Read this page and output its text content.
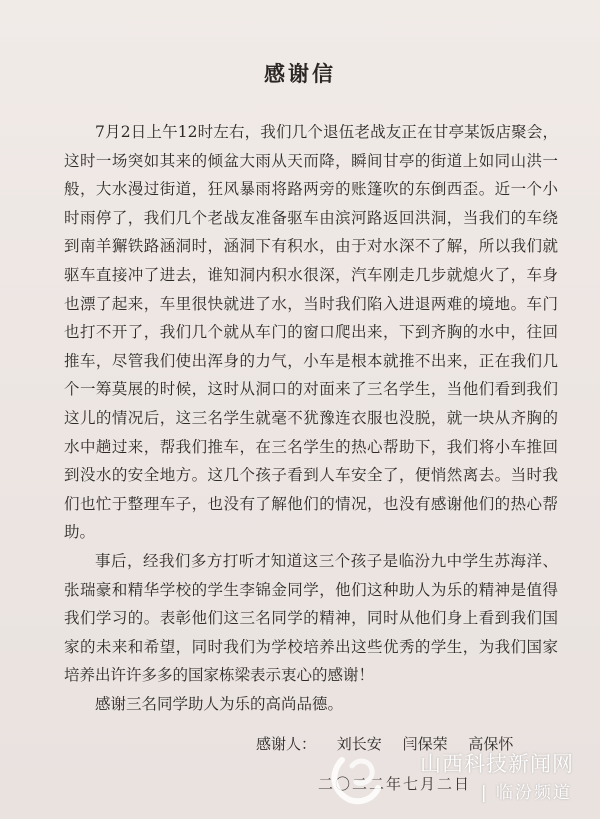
感谢信

7月2日上午12时左右，我们几个退伍老战友正在甘亭某饭店聚会，这时一场突如其来的倾盆大雨从天而降，瞬间甘亭的街道上如同山洪一般，大水漫过街道，狂风暴雨将路两旁的账篷吹的东倒西歪。近一个小时雨停了，我们几个老战友准备驱车由滨河路返回洪洞，当我们的车绕到南羊獬铁路涵洞时，涵洞下有积水，由于对水深不了解，所以我们就驱车直接冲了进去，谁知洞内积水很深，汽车刚走几步就熄火了，车身也漂了起来，车里很快就进了水，当时我们陷入进退两难的境地。车门也打不开了，我们几个就从车门的窗口爬出来，下到齐胸的水中，往回推车，尽管我们使出浑身的力气，小车是根本就推不出来，正在我们几个一筹莫展的时候，这时从洞口的对面来了三名学生，当他们看到我们这儿的情况后，这三名学生就毫不犹豫连衣服也没脱，就一块从齐胸的水中趟过来，帮我们推车，在三名学生的热心帮助下，我们将小车推回到没水的安全地方。这几个孩子看到人车安全了，便悄然离去。当时我们也忙于整理车子，也没有了解他们的情况，也没有感谢他们的热心帮助。

事后，经我们多方打听才知道这三个孩子是临汾九中学生苏海洋、张瑞豪和精华学校的学生李锦金同学，他们这种助人为乐的精神是值得我们学习的。表彰他们这三名同学的精神，同时从他们身上看到我们国家的未来和希望，同时我们为学校培养出这些优秀的学生，为我们国家培养出许许多多的国家栋梁表示衷心的感谢！

感谢三名同学助人为乐的高尚品德。

感谢人： 刘长安 闫保荣 高保怀
二〇二二年七月二日
山西科技新闻网
| 临汾频道
